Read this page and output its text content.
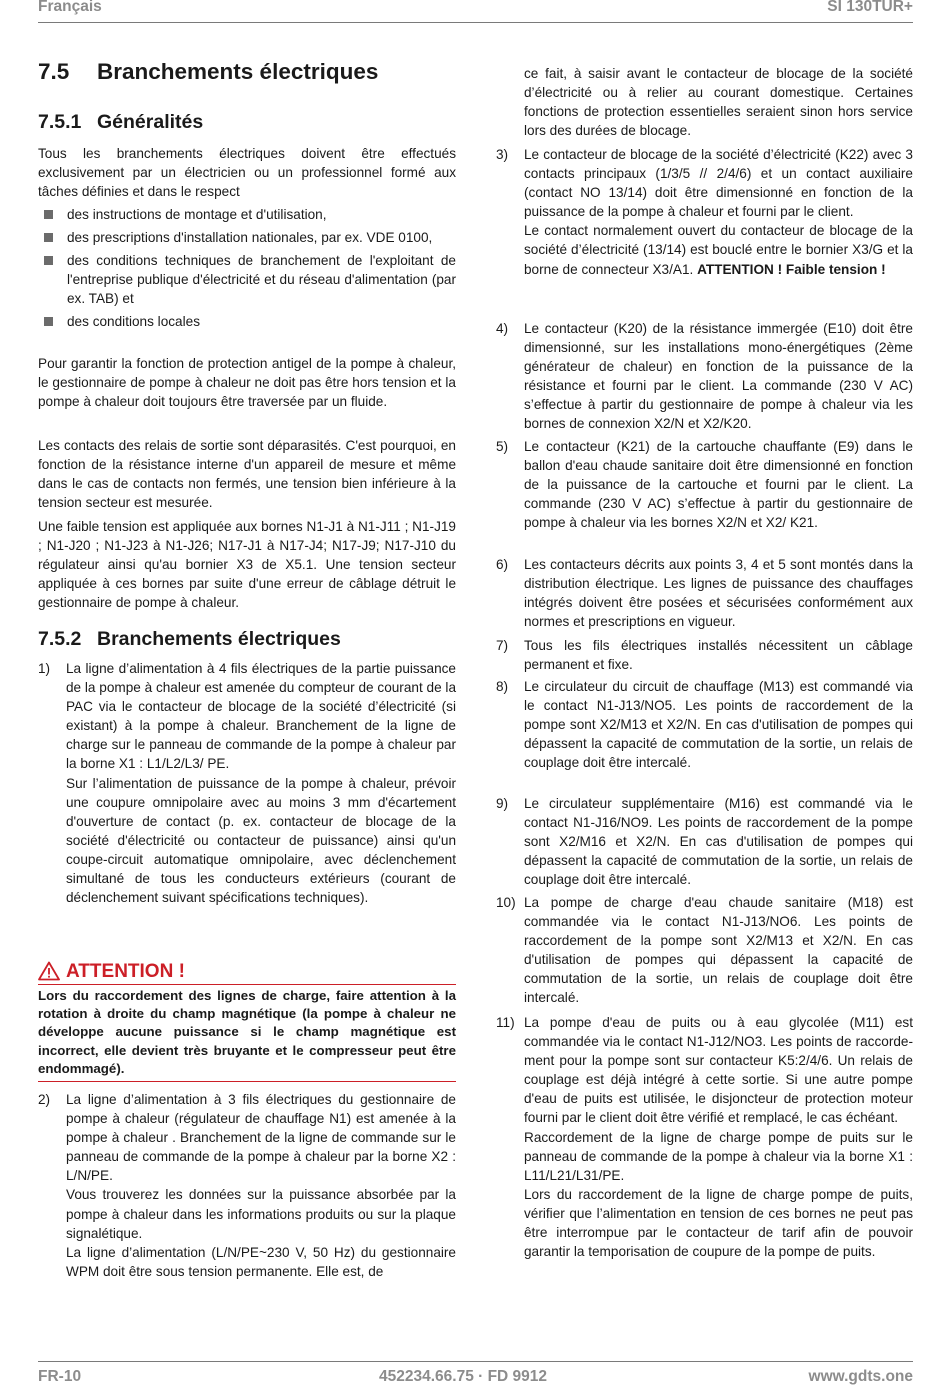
Français	SI 130TUR+
7.5 Branchements électriques
7.5.1 Généralités

Tous les branchements électriques doivent être effectués exclusivement par un électricien ou un professionnel formé aux tâches définies et dans le respect

des instructions de montage et d'utilisation,
des prescriptions d'installation nationales, par ex. VDE 0100,
des conditions techniques de branchement de l'exploitant de l'entreprise publique d'électricité et du réseau d'alimentation (par ex. TAB) et
des conditions locales

Pour garantir la fonction de protection antigel de la pompe à chaleur, le gestionnaire de pompe à chaleur ne doit pas être hors tension et la pompe à chaleur doit toujours être traversée par un fluide.

Les contacts des relais de sortie sont déparasités. C'est pourquoi, en fonction de la résistance interne d'un appareil de mesure et même dans le cas de contacts non fermés, une tension bien inférieure à la tension secteur est mesurée.

Une faible tension est appliquée aux bornes N1-J1 à N1-J11 ; N1-J19 ; N1-J20 ; N1-J23 à N1-J26; N17-J1 à N17-J4; N17-J9; N17-J10 du régulateur ainsi qu'au bornier X3 de X5.1. Une tension secteur appliquée à ces bornes par suite d'une erreur de câblage détruit le gestionnaire de pompe à chaleur.

7.5.2 Branchements électriques
1) La ligne d’alimentation à 4 fils électriques de la partie puissance de la pompe à chaleur est amenée du compteur de courant de la PAC via le contacteur de blocage de la société d’électricité (si existant) à la pompe à chaleur. Branchement de la ligne de charge sur le panneau de commande de la pompe à chaleur par la borne X1 : L1/L2/L3/ PE.

Sur l’alimentation de puissance de la pompe à chaleur, prévoir une coupure omnipolaire avec au moins 3 mm d'écartement d'ouverture de contact (p. ex. contacteur de blocage de la société d'électricité ou contacteur de puissance) ainsi qu'un coupe-circuit automatique omnipolaire, avec déclenchement simultané de tous les conducteurs extérieurs (courant de déclenchement suivant spécifications techniques).

ATTENTION !

Lors du raccordement des lignes de charge, faire attention à la rotation à droite du champ magnétique (la pompe à chaleur ne développe aucune puissance si le champ magnétique est incorrect, elle devient très bruyante et le compresseur peut être endommagé).

2) La ligne d’alimentation à 3 fils électriques du gestionnaire de pompe à chaleur (régulateur de chauffage N1) est amenée à la pompe à chaleur . Branchement de la ligne de commande sur le panneau de commande de la pompe à chaleur par la borne X2 : L/N/PE.

Vous trouverez les données sur la puissance absorbée par la pompe à chaleur dans les informations produits ou sur la plaque signalétique.

La ligne d’alimentation (L/N/PE~230 V, 50 Hz) du gestionnaire WPM doit être sous tension permanente. Elle est, de

ce fait, à saisir avant le contacteur de blocage de la société d’électricité ou à relier au courant domestique. Certaines fonctions de protection essentielles seraient sinon hors service lors des durées de blocage.

3) Le contacteur de blocage de la société d’électricité (K22) avec 3 contacts principaux (1/3/5 // 2/4/6) et un contact auxiliaire (contact NO 13/14) doit être dimensionné en fonction de la puissance de la pompe à chaleur et fourni par le client.

Le contact normalement ouvert du contacteur de blocage de la société d’électricité (13/14) est bouclé entre le bornier X3/G et la borne de connecteur X3/A1. ATTENTION ! Faible tension !

4) Le contacteur (K20) de la résistance immergée (E10) doit être dimensionné, sur les installations mono-énergétiques (2ème générateur de chaleur) en fonction de la puissance de la résistance et fourni par le client. La commande (230 V AC) s’effectue à partir du gestionnaire de pompe à chaleur via les bornes de connexion X2/N et X2/K20.

5) Le contacteur (K21) de la cartouche chauffante (E9) dans le ballon d'eau chaude sanitaire doit être dimensionné en fonction de la puissance de la cartouche et fourni par le client. La commande (230 V AC) s’effectue à partir du gestionnaire de pompe à chaleur via les bornes X2/N et X2/ K21.

6) Les contacteurs décrits aux points 3, 4 et 5 sont montés dans la distribution électrique. Les lignes de puissance des chauffages intégrés doivent être posées et sécurisées conformément aux normes et prescriptions en vigueur.

7) Tous les fils électriques installés nécessitent un câblage permanent et fixe.

8) Le circulateur du circuit de chauffage (M13) est commandé via le contact N1-J13/NO5. Les points de raccordement de la pompe sont X2/M13 et X2/N. En cas d'utilisation de pompes qui dépassent la capacité de commutation de la sortie, un relais de couplage doit être intercalé.

9) Le circulateur supplémentaire (M16) est commandé via le contact N1-J16/NO9. Les points de raccordement de la pompe sont X2/M16 et X2/N. En cas d'utilisation de pompes qui dépassent la capacité de commutation de la sortie, un relais de couplage doit être intercalé.

10) La pompe de charge d'eau chaude sanitaire (M18) est commandée via le contact N1-J13/NO6. Les points de raccordement de la pompe sont X2/M13 et X2/N. En cas d'utilisation de pompes qui dépassent la capacité de commutation de la sortie, un relais de couplage doit être intercalé.

11) La pompe d'eau de puits ou à eau glycolée (M11) est commandée via le contact N1-J12/NO3. Les points de raccorde-ment pour la pompe sont sur contacteur K5:2/4/6. Un relais de couplage est déjà intégré à cette sortie. Si une autre pompe d'eau de puits est utilisée, le disjoncteur de protection moteur fourni par le client doit être vérifié et remplacé, le cas échéant.

Raccordement de la ligne de charge pompe de puits sur le panneau de commande de la pompe à chaleur via la borne X1 : L11/L21/L31/PE.

Lors du raccordement de la ligne de charge pompe de puits, vérifier que l’alimentation en tension de ces bornes ne peut pas être interrompue par le contacteur de tarif afin de pouvoir garantir la temporisation de coupure de la pompe de puits.

FR-10	452234.66.75 · FD 9912	www.gdts.one
